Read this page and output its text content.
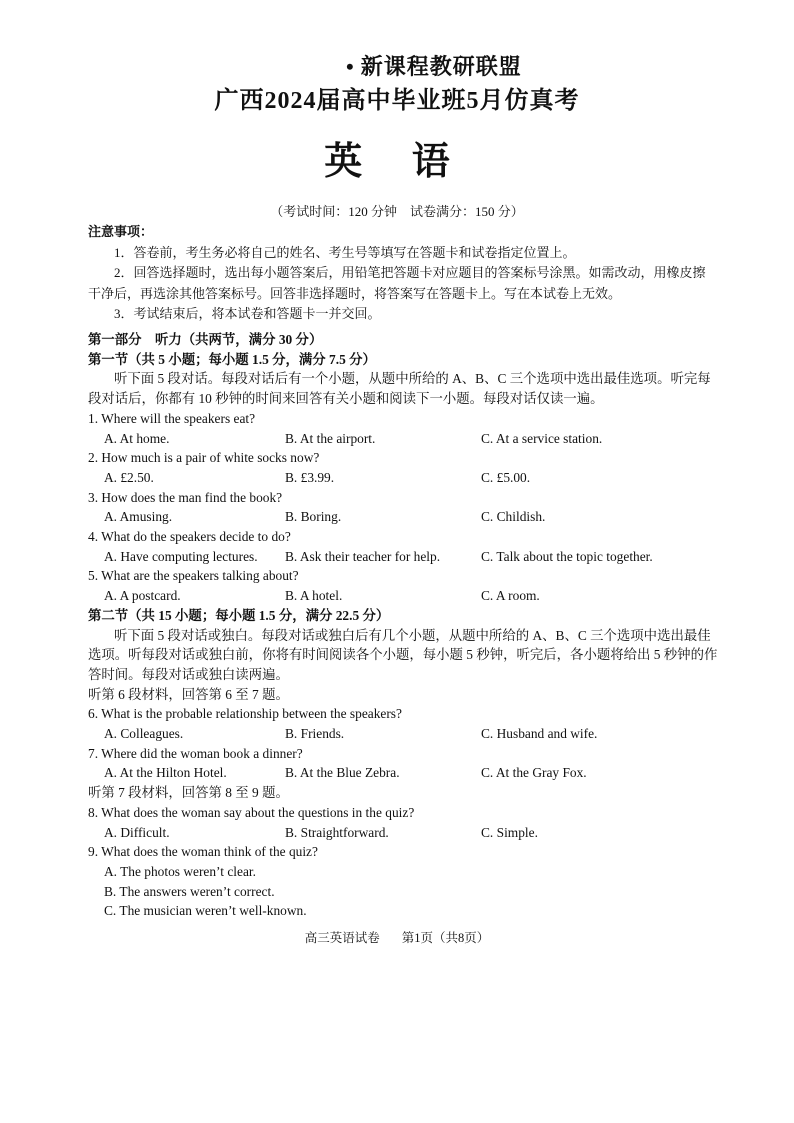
• 新课程教研联盟
广西2024届高中毕业班5月仿真考
英 语
（考试时间：120 分钟　试卷满分：150 分）
注意事项：
1．答卷前，考生务必将自己的姓名、考生号等填写在答题卡和试卷指定位置上。
2．回答选择题时，选出每小题答案后，用铅笔把答题卡对应题目的答案标号涂黑。如需改动，用橡皮擦干净后，再选涂其他答案标号。回答非选择题时，将答案写在答题卡上。写在本试卷上无效。
3．考试结束后，将本试卷和答题卡一并交回。
第一部分　听力（共两节，满分 30 分）
第一节（共 5 小题；每小题 1.5 分，满分 7.5 分）
听下面 5 段对话。每段对话后有一个小题，从题中所给的 A、B、C 三个选项中选出最佳选项。听完每段对话后，你都有 10 秒钟的时间来回答有关小题和阅读下一小题。每段对话仅读一遍。
1. Where will the speakers eat?
A. At home.	B. At the airport.	C. At a service station.
2. How much is a pair of white socks now?
A. £2.50.	B. £3.99.	C. £5.00.
3. How does the man find the book?
A. Amusing.	B. Boring.	C. Childish.
4. What do the speakers decide to do?
A. Have computing lectures.	B. Ask their teacher for help.	C. Talk about the topic together.
5. What are the speakers talking about?
A. A postcard.	B. A hotel.	C. A room.
第二节（共 15 小题；每小题 1.5 分，满分 22.5 分）
听下面 5 段对话或独白。每段对话或独白后有几个小题，从题中所给的 A、B、C 三个选项中选出最佳选项。听每段对话或独白前，你将有时间阅读各个小题，每小题 5 秒钟，听完后，各小题将给出 5 秒钟的作答时间。每段对话或独白读两遍。
听第 6 段材料，回答第 6 至 7 题。
6. What is the probable relationship between the speakers?
A. Colleagues.	B. Friends.	C. Husband and wife.
7. Where did the woman book a dinner?
A. At the Hilton Hotel.	B. At the Blue Zebra.	C. At the Gray Fox.
听第 7 段材料，回答第 8 至 9 题。
8. What does the woman say about the questions in the quiz?
A. Difficult.	B. Straightforward.	C. Simple.
9. What does the woman think of the quiz?
A. The photos weren’t clear.
B. The answers weren’t correct.
C. The musician weren’t well-known.
高三英语试卷 第1页（共8页）
